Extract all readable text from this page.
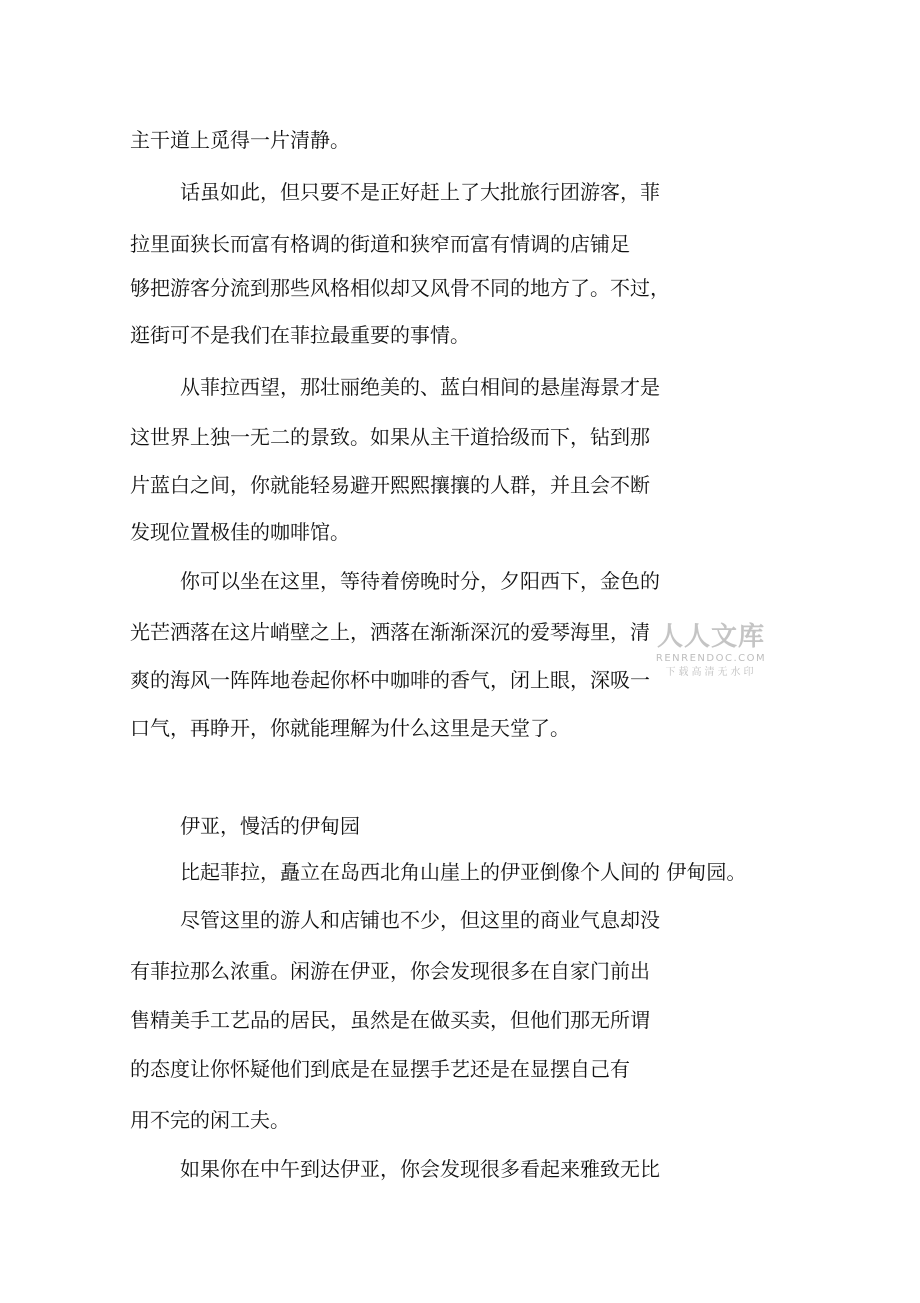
主干道上觅得一片清静。

话虽如此，但只要不是正好赶上了大批旅行团游客，菲

拉里面狭长而富有格调的街道和狭窄而富有情调的店铺足

够把游客分流到那些风格相似却又风骨不同的地方了。不过，

逛街可不是我们在菲拉最重要的事情。

从菲拉西望，那壮丽绝美的、蓝白相间的悬崖海景才是

这世界上独一无二的景致。如果从主干道拾级而下，钻到那

片蓝白之间，你就能轻易避开熙熙攘攘的人群，并且会不断

发现位置极佳的咖啡馆。

你可以坐在这里，等待着傍晚时分，夕阳西下，金色的

光芒洒落在这片峭壁之上，洒落在渐渐深沉的爱琴海里，清

爽的海风一阵阵地卷起你杯中咖啡的香气，闭上眼，深吸一

口气，再睁开，你就能理解为什么这里是天堂了。

伊亚，慢活的伊甸园

比起菲拉，矗立在岛西北角山崖上的伊亚倒像个人间的 伊甸园。

尽管这里的游人和店铺也不少，但这里的商业气息却没

有菲拉那么浓重。闲游在伊亚，你会发现很多在自家门前出

售精美手工艺品的居民，虽然是在做买卖，但他们那无所谓

的态度让你怀疑他们到底是在显摆手艺还是在显摆自己有

用不完的闲工夫。

如果你在中午到达伊亚，你会发现很多看起来雅致无比

人人文库
RENRENDOC.COM
下载高清无水印
